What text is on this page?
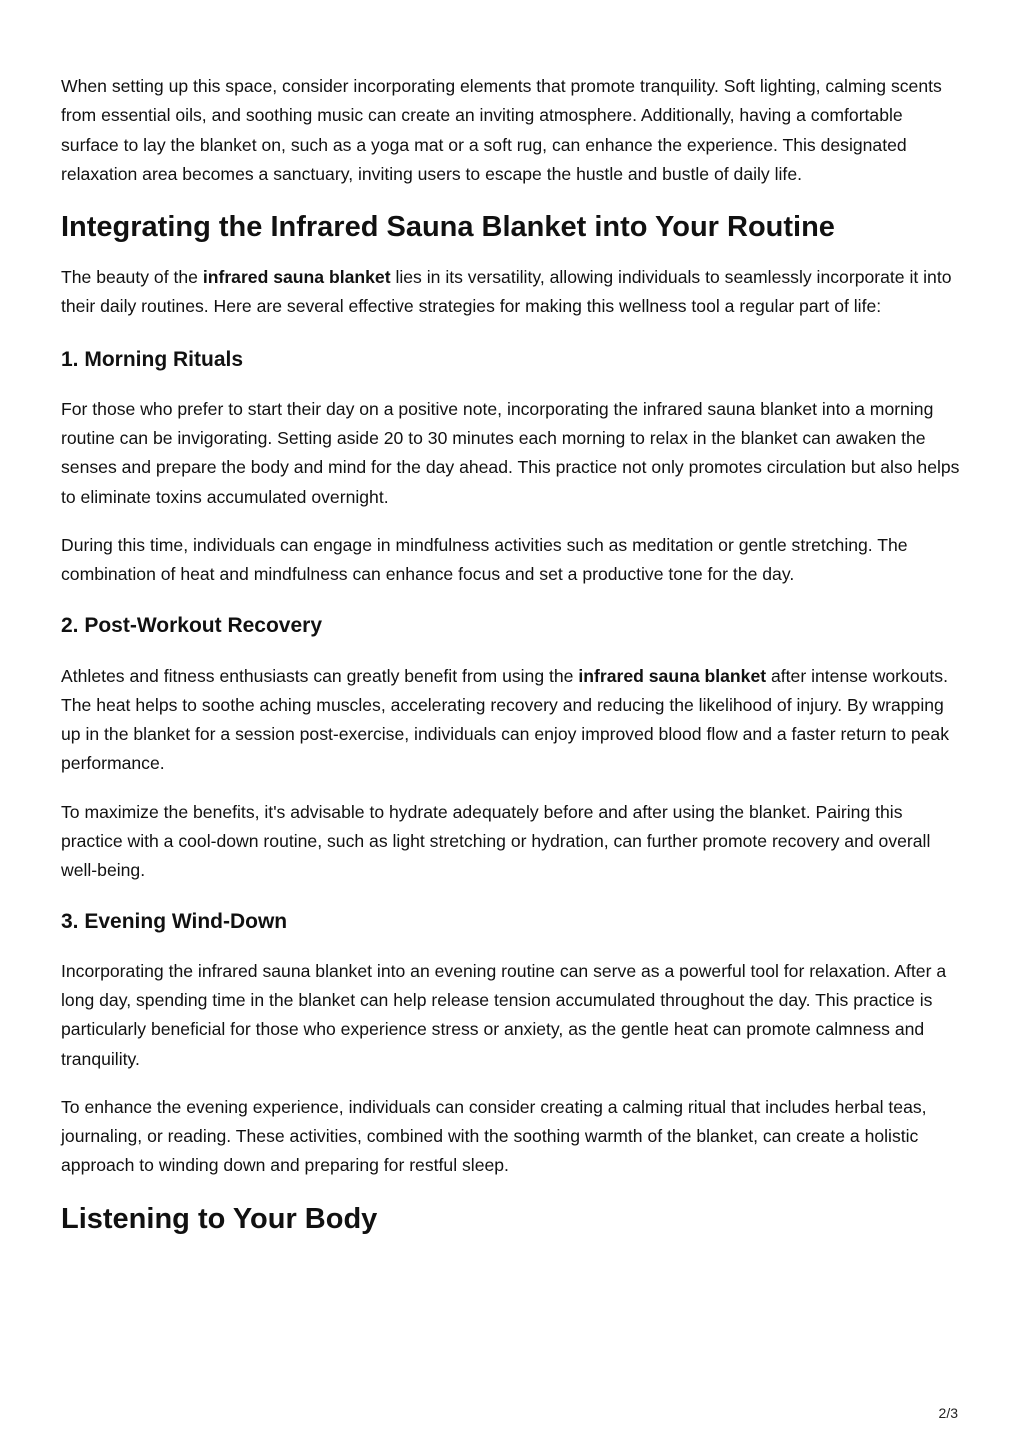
When setting up this space, consider incorporating elements that promote tranquility. Soft lighting, calming scents from essential oils, and soothing music can create an inviting atmosphere. Additionally, having a comfortable surface to lay the blanket on, such as a yoga mat or a soft rug, can enhance the experience. This designated relaxation area becomes a sanctuary, inviting users to escape the hustle and bustle of daily life.

Integrating the Infrared Sauna Blanket into Your Routine

The beauty of the infrared sauna blanket lies in its versatility, allowing individuals to seamlessly incorporate it into their daily routines. Here are several effective strategies for making this wellness tool a regular part of life:

1. Morning Rituals

For those who prefer to start their day on a positive note, incorporating the infrared sauna blanket into a morning routine can be invigorating. Setting aside 20 to 30 minutes each morning to relax in the blanket can awaken the senses and prepare the body and mind for the day ahead. This practice not only promotes circulation but also helps to eliminate toxins accumulated overnight.

During this time, individuals can engage in mindfulness activities such as meditation or gentle stretching. The combination of heat and mindfulness can enhance focus and set a productive tone for the day.

2. Post-Workout Recovery

Athletes and fitness enthusiasts can greatly benefit from using the infrared sauna blanket after intense workouts. The heat helps to soothe aching muscles, accelerating recovery and reducing the likelihood of injury. By wrapping up in the blanket for a session post-exercise, individuals can enjoy improved blood flow and a faster return to peak performance.

To maximize the benefits, it's advisable to hydrate adequately before and after using the blanket. Pairing this practice with a cool-down routine, such as light stretching or hydration, can further promote recovery and overall well-being.

3. Evening Wind-Down

Incorporating the infrared sauna blanket into an evening routine can serve as a powerful tool for relaxation. After a long day, spending time in the blanket can help release tension accumulated throughout the day. This practice is particularly beneficial for those who experience stress or anxiety, as the gentle heat can promote calmness and tranquility.

To enhance the evening experience, individuals can consider creating a calming ritual that includes herbal teas, journaling, or reading. These activities, combined with the soothing warmth of the blanket, can create a holistic approach to winding down and preparing for restful sleep.

Listening to Your Body
2/3
